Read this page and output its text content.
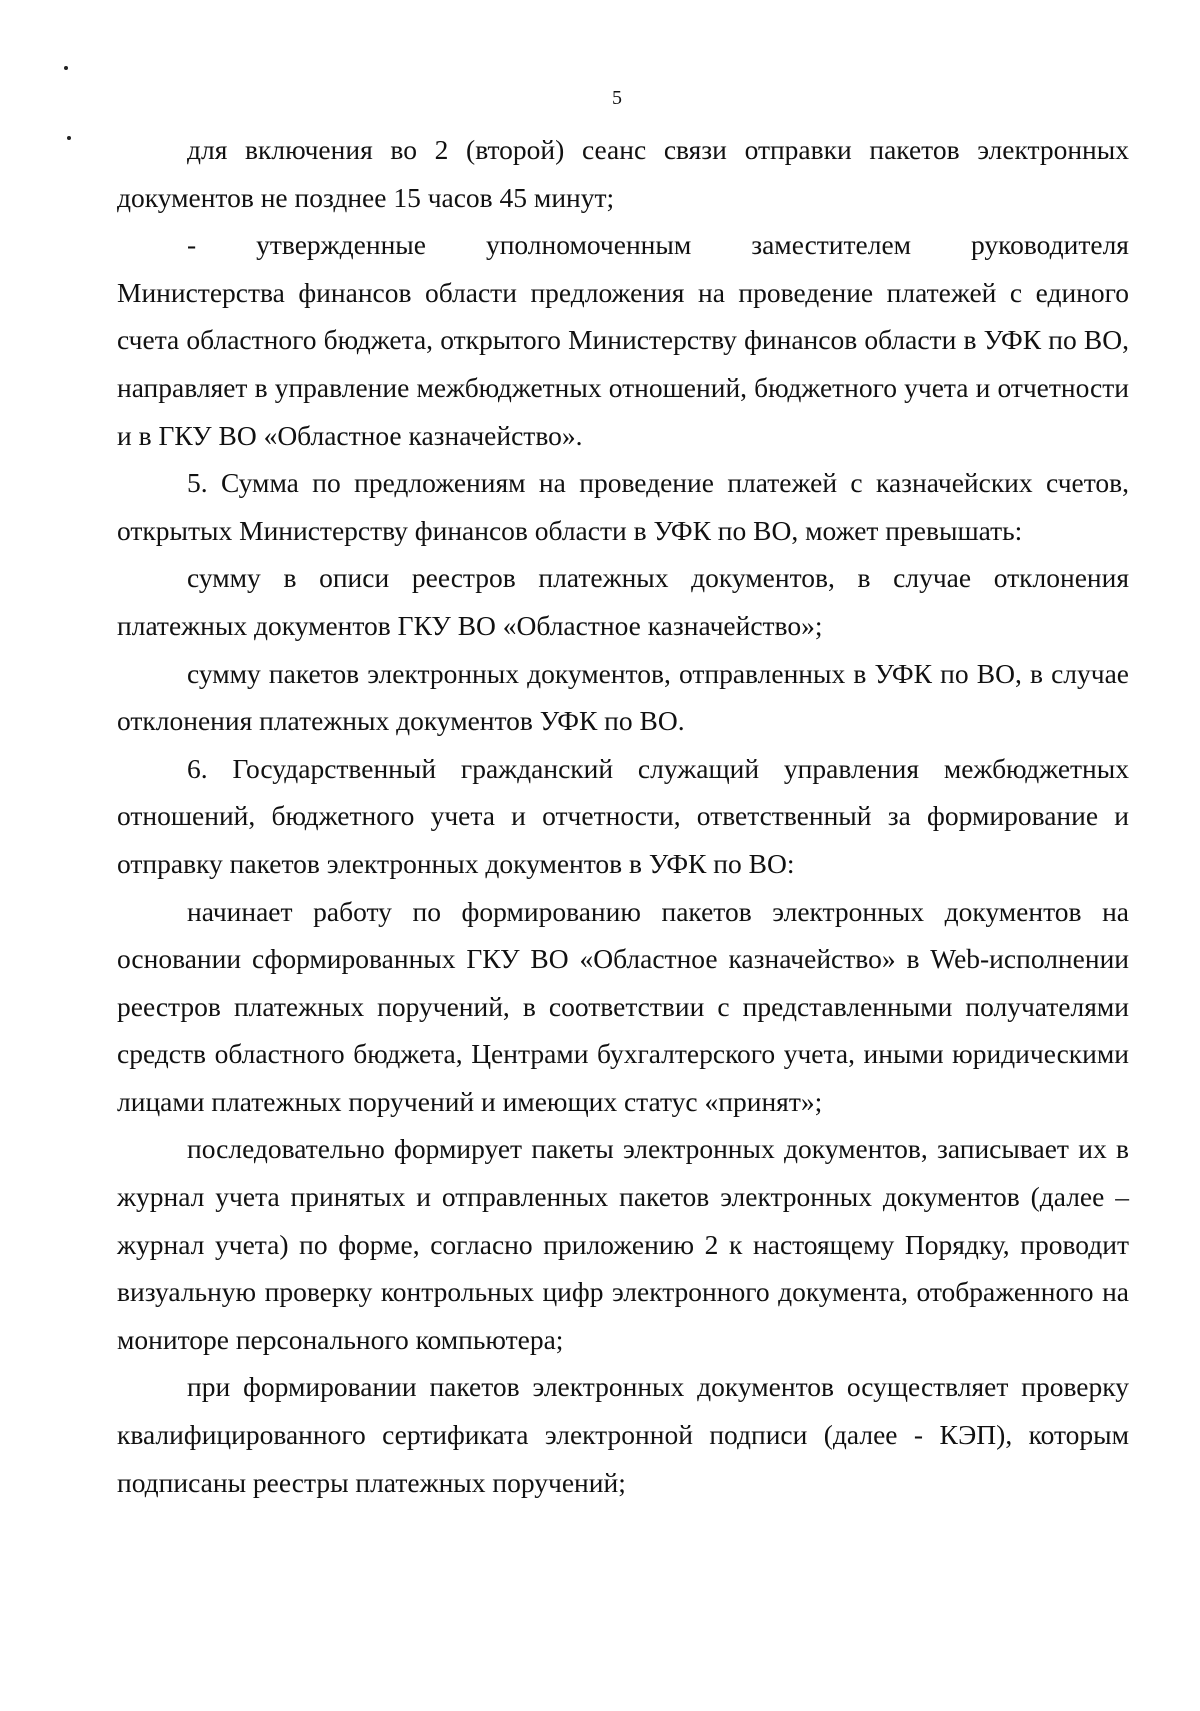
5

для включения во 2 (второй) сеанс связи отправки пакетов электронных документов не позднее 15 часов 45 минут;

- утвержденные уполномоченным заместителем руководителя

Министерства финансов области предложения на проведение платежей с единого счета областного бюджета, открытого Министерству финансов области в УФК по ВО, направляет в управление межбюджетных отношений, бюджетного учета и отчетности и в ГКУ ВО «Областное казначейство».

5. Сумма по предложениям на проведение платежей с казначейских счетов, открытых Министерству финансов области в УФК по ВО, может превышать:

сумму в описи реестров платежных документов, в случае отклонения платежных документов ГКУ ВО «Областное казначейство»;

сумму пакетов электронных документов, отправленных в УФК по ВО, в случае отклонения платежных документов УФК по ВО.

6. Государственный гражданский служащий управления межбюджетных отношений, бюджетного учета и отчетности, ответственный за формирование и отправку пакетов электронных документов в УФК по ВО:

начинает работу по формированию пакетов электронных документов на основании сформированных ГКУ ВО «Областное казначейство» в Web-исполнении реестров платежных поручений, в соответствии с представленными получателями средств областного бюджета, Центрами бухгалтерского учета, иными юридическими лицами платежных поручений и имеющих статус «принят»;

последовательно формирует пакеты электронных документов, записывает их в журнал учета принятых и отправленных пакетов электронных документов (далее – журнал учета) по форме, согласно приложению 2 к настоящему Порядку, проводит визуальную проверку контрольных цифр электронного документа, отображенного на мониторе персонального компьютера;

при формировании пакетов электронных документов осуществляет проверку квалифицированного сертификата электронной подписи (далее - КЭП), которым подписаны реестры платежных поручений;
